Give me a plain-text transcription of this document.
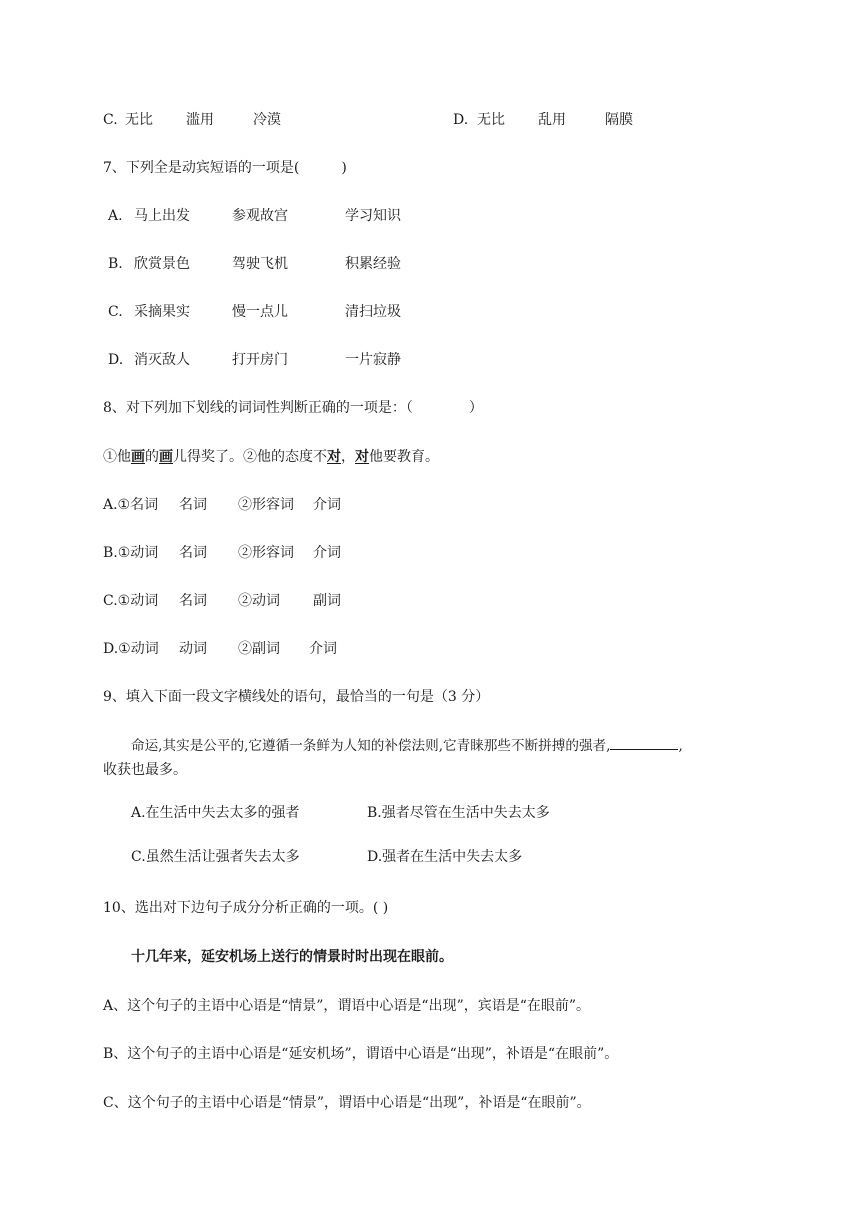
C. 无比 滥用	冷漠	D. 无比 乱用	隔膜
7、下列全是动宾短语的一项是(　　　)
A. 马上出发	参观故宫	学习知识
B. 欣赏景色	驾驶飞机	积累经验
C. 采摘果实	慢一点儿	清扫垃圾
D. 消灭敌人	打开房门	一片寂静
8、对下列加下划线的词词性判断正确的一项是：（　　　　）
①他画的画儿得奖了。②他的态度不对，对他要教育。
A.①名词 名词 ②形容词 介词
B.①动词 名词 ②形容词 介词
C.①动词 名词 ②动词 副词
D.①动词 动词 ②副词 介词
9、填入下面一段文字横线处的语句，最恰当的一句是（3 分）
命运,其实是公平的,它遵循一条鲜为人知的补偿法则,它青睐那些不断拼搏的强者,	,
收获也最多。
A.在生活中失去太多的强者	B.强者尽管在生活中失去太多
C.虽然生活让强者失去太多	D.强者在生活中失去太多
10、选出对下边句子成分分析正确的一项。( )
十几年来，延安机场上送行的情景时时出现在眼前。
A、这个句子的主语中心语是“情景”，谓语中心语是“出现”，宾语是“在眼前”。
B、这个句子的主语中心语是“延安机场”，谓语中心语是“出现”，补语是“在眼前”。
C、这个句子的主语中心语是“情景”，谓语中心语是“出现”，补语是“在眼前”。
